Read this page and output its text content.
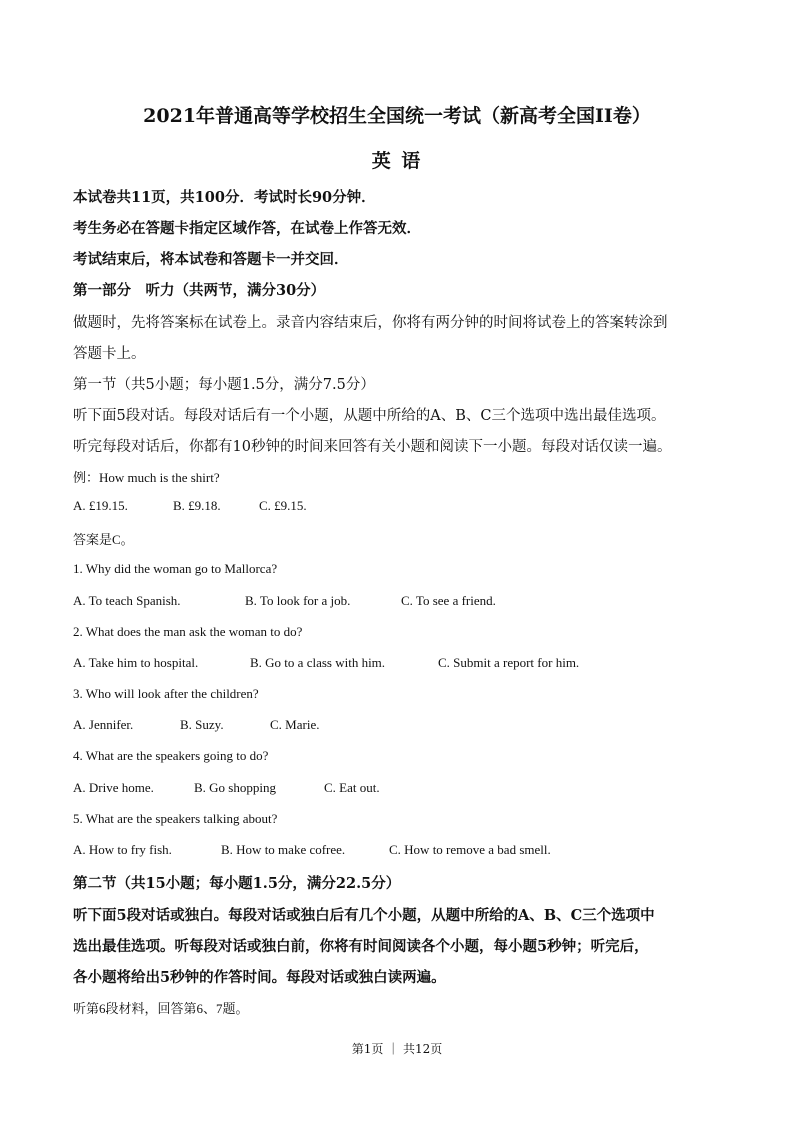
2021年普通高等学校招生全国统一考试（新高考全国II卷）
英 语
本试卷共11页，共100分．考试时长90分钟．
考生务必在答题卡指定区域作答，在试卷上作答无效．
考试结束后，将本试卷和答题卡一并交回．
第一部分　听力（共两节，满分30分）
做题时，先将答案标在试卷上。录音内容结束后，你将有两分钟的时间将试卷上的答案转涂到
答题卡上。
第一节（共5小题；每小题1.5分，满分7.5分）
听下面5段对话。每段对话后有一个小题，从题中所给的A、B、C三个选项中选出最佳选项。
听完每段对话后，你都有10秒钟的时间来回答有关小题和阅读下一小题。每段对话仅读一遍。
例：How much is the shirt?
A. £19.15.	B. £9.18.	C. £9.15.
答案是C。
1. Why did the woman go to Mallorca?
A. To teach Spanish.	B. To look for a job.	C. To see a friend.
2. What does the man ask the woman to do?
A. Take him to hospital.	B. Go to a class with him.	C. Submit a report for him.
3. Who will look after the children?
A. Jennifer.	B. Suzy.	C. Marie.
4. What are the speakers going to do?
A. Drive home.	B. Go shopping	C. Eat out.
5. What are the speakers talking about?
A. How to fry fish.	B. How to make cofree.	C. How to remove a bad smell.
第二节（共15小题；每小题1.5分，满分22.5分）
听下面5段对话或独白。每段对话或独白后有几个小题，从题中所给的A、B、C三个选项中
选出最佳选项。听每段对话或独白前，你将有时间阅读各个小题，每小题5秒钟；听完后，
各小题将给出5秒钟的作答时间。每段对话或独白读两遍。
听第6段材料，回答第6、7题。
第1页 ｜ 共12页
